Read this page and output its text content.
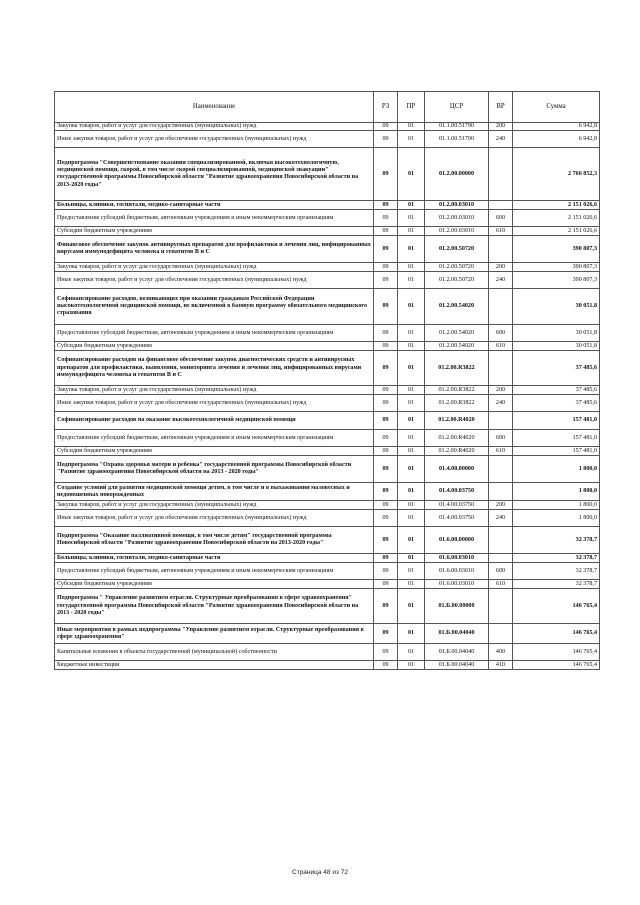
Наименование	РЗ	ПР	ЦСР	ВР	Сумма
Закупка товаров, работ и услуг для государственных (муниципальных) нужд	09	01	01.1.00.51790	200	6 942,8
Иные закупки товаров, работ и услуг для обеспечения государственных (муниципальных) нужд	09	01	01.1.00.51790	240	6 942,8
Подпрограмма "Совершенствование оказания специализированной, включая высокотехнологичную, медицинской помощи, скорой, в том числе скорой специализированной, медицинской эвакуации" государственной программы Новосибирской области "Развитие здравоохранения Новосибирской области на 2013-2020 годы"	09	01	01.2.00.00000		2 766 852,3
Больницы, клиники, госпитали, медико-санитарные части	09	01	01.2.00.03010		2 151 026,6
Предоставление субсидий бюджетным, автономным учреждениям и иным некоммерческим организациям	09	01	01.2.00.03010	600	2 151 026,6
Субсидии бюджетным учреждениям	09	01	01.2.00.03010	610	2 151 026,6
Финансовое обеспечение закупок антивирусных препаратов для профилактики и лечения лиц, инфицированных вирусами иммунодефицита человека и гепатитов В и С	09	01	01.2.00.50720		390 807,3
Закупка товаров, работ и услуг для государственных (муниципальных) нужд	09	01	01.2.00.50720	200	390 807,3
Иные закупки товаров, работ и услуг для обеспечения государственных (муниципальных) нужд	09	01	01.2.00.50720	240	390 807,3
Софинансирование расходов, возникающих при оказании гражданам Российской Федерации высокотехнологичной медицинской помощи, не включенной в базовую программу обязательного медицинского страхования	09	01	01.2.00.54020		30 051,8
Предоставление субсидий бюджетным, автономным учреждениям и иным некоммерческим организациям	09	01	01.2.00.54020	600	30 051,8
Субсидии бюджетным учреждениям	09	01	01.2.00.54020	610	30 051,8
Софинансирование расходов на финансовое обеспечение закупок диагностических средств и антивирусных препаратов для профилактики, выявления, мониторинга лечения и лечения лиц, инфицированных вирусами иммунодефицита человека и гепатитов В и С	09	01	01.2.00.R3822		37 485,6
Закупка товаров, работ и услуг для государственных (муниципальных) нужд	09	01	01.2.00.R3822	200	37 485,6
Иные закупки товаров, работ и услуг для обеспечения государственных (муниципальных) нужд	09	01	01.2.00.R3822	240	37 485,6
Софинансирование расходов на оказание высокотехнологичной медицинской помощи	09	01	01.2.00.R4020		157 481,0
Предоставление субсидий бюджетным, автономным учреждениям и иным некоммерческим организациям	09	01	01.2.00.R4020	600	157 481,0
Субсидии бюджетным учреждениям	09	01	01.2.00.R4020	610	157 481,0
Подпрограмма "Охрана здоровья матери и ребенка" государственной программы Новосибирской области "Развитие здравоохранения Новосибирской области на 2013 - 2020 годы"	09	01	01.4.00.00000		1 800,0
Создание условий для развития медицинской помощи детям, в том числе и в выхаживании маловесных и недоношенных новорожденных	09	01	01.4.00.03750		1 800,0
Закупка товаров, работ и услуг для государственных (муниципальных) нужд	09	01	01.4.00.03750	200	1 800,0
Иные закупки товаров, работ и услуг для обеспечения государственных (муниципальных) нужд	09	01	01.4.00.03750	240	1 800,0
Подпрограмма "Оказание паллиативной помощи, в том числе детям" государственной программы Новосибирской области "Развитие здравоохранения Новосибирской области на 2013-2020 годы"	09	01	01.6.00.00000		32 378,7
Больницы, клиники, госпитали, медико-санитарные части	09	01	01.6.00.03010		32 378,7
Предоставление субсидий бюджетным, автономным учреждениям и иным некоммерческим организациям	09	01	01.6.00.03010	600	32 378,7
Субсидии бюджетным учреждениям	09	01	01.6.00.03010	610	32 378,7
Подпрограмма " Управление развитием отрасли. Структурные преобразования в сфере здравоохранения" государственной программы Новосибирской области "Развитие здравоохранения Новосибирской области на 2013 - 2020 годы"	09	01	01.Б.00.00000		146 765,4
Иные мероприятия в рамках подпрограммы "Управление развитием отрасли. Структурные преобразования в сфере здравоохранения"	09	01	01.Б.00.04040		146 765,4
Капитальные вложения в объекты государственной (муниципальной) собственности	09	01	01.Б.00.04040	400	146 765,4
Бюджетные инвестиции	09	01	01.Б.00.04040	410	146 765,4
Страница 48 из 72
